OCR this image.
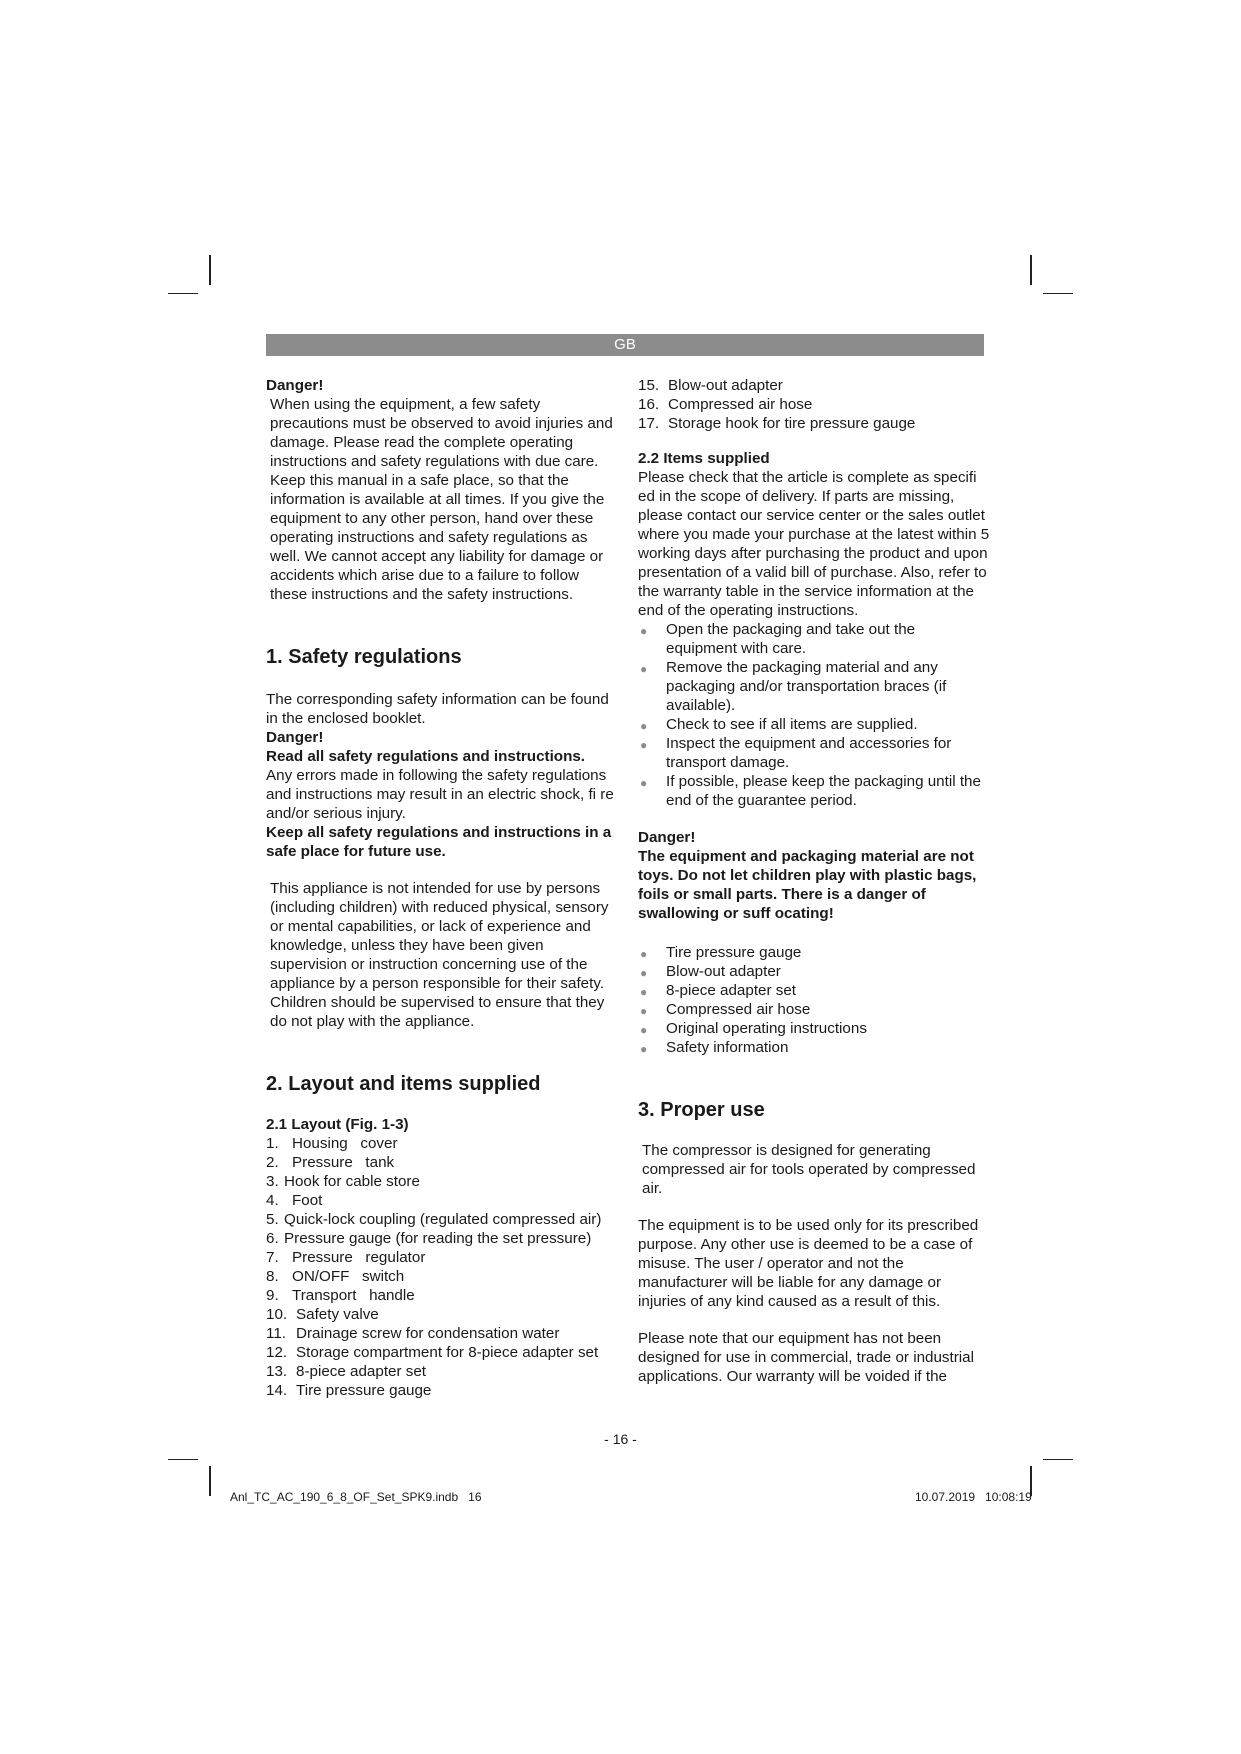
GB

Danger!

When using the equipment, a few safety precautions must be observed to avoid injuries and damage. Please read the complete operating instructions and safety regulations with due care. Keep this manual in a safe place, so that the information is available at all times. If you give the equipment to any other person, hand over these operating instructions and safety regulations as well. We cannot accept any liability for damage or accidents which arise due to a failure to follow these instructions and the safety instructions.

1. Safety regulations

The corresponding safety information can be found in the enclosed booklet.

Danger!

Read all safety regulations and instructions.

Any errors made in following the safety regulations and instructions may result in an electric shock, fi re and/or serious injury.

Keep all safety regulations and instructions in a safe place for future use.

This appliance is not intended for use by persons (including children) with reduced physical, sensory or mental capabilities, or lack of experience and knowledge, unless they have been given supervision or instruction concerning use of the appliance by a person responsible for their safety. Children should be supervised to ensure that they do not play with the appliance.

2. Layout and items supplied
2.1 Layout (Fig. 1-3)
1. Housing   cover
2. Pressure   tank
3. Hook for cable store
4. Foot
5. Quick-lock coupling (regulated compressed air)
6. Pressure gauge (for reading the set pressure)
7. Pressure   regulator
8. ON/OFF   switch
9. Transport   handle
10. Safety valve
11. Drainage screw for condensation water
12. Storage compartment for 8-piece adapter set
13. 8-piece adapter set
14. Tire pressure gauge
15. Blow-out adapter
16. Compressed air hose
17. Storage hook for tire pressure gauge
2.2 Items supplied

Please check that the article is complete as specifi ed in the scope of delivery. If parts are missing, please contact our service center or the sales outlet where you made your purchase at the latest within 5 working days after purchasing the product and upon presentation of a valid bill of purchase. Also, refer to the warranty table in the service information at the end of the operating instructions.

● Open the packaging and take out the equipment with care.
● Remove the packaging material and any packaging and/or transportation braces (if available).
● Check to see if all items are supplied.
● Inspect the equipment and accessories for transport damage.
● If possible, please keep the packaging until the end of the guarantee period.

Danger!

The equipment and packaging material are not toys. Do not let children play with plastic bags, foils or small parts. There is a danger of swallowing or suff ocating!

● Tire pressure gauge
● Blow-out adapter
● 8-piece adapter set
● Compressed air hose
● Original operating instructions
● Safety information
3. Proper use

The compressor is designed for generating compressed air for tools operated by compressed air.

The equipment is to be used only for its prescribed purpose. Any other use is deemed to be a case of misuse. The user / operator and not the manufacturer will be liable for any damage or injuries of any kind caused as a result of this.

Please note that our equipment has not been designed for use in commercial, trade or industrial applications. Our warranty will be voided if the

- 16 -
Anl_TC_AC_190_6_8_OF_Set_SPK9.indb   16	10.07.2019   10:08:19
